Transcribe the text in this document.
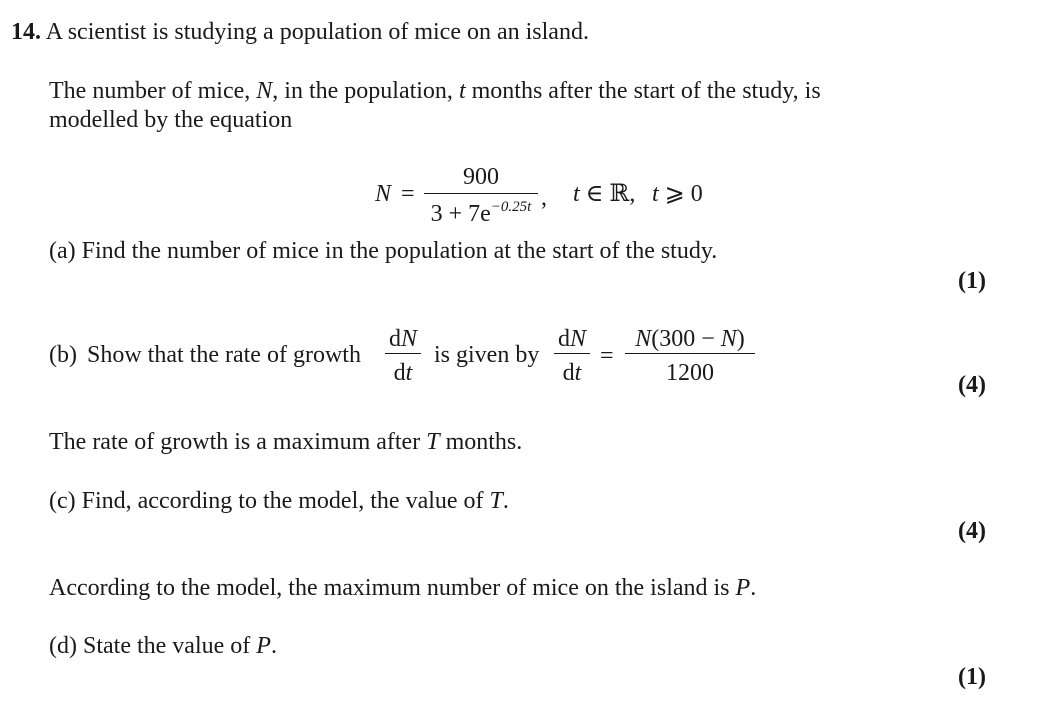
14. A scientist is studying a population of mice on an island.
The number of mice, N, in the population, t months after the start of the study, is
modelled by the equation
N =
900
$3 + 7e^{-0.25t}$ , t ∈ ℝ, t ⩾ 0
(a) Find the number of mice in the population at the start of the study.
(1)
(b) Show that the rate of growth
dN
dt
is given by
dN
dt
=
N(300 − N)
1200	(4)
The rate of growth is a maximum after T months.
(c) Find, according to the model, the value of T.
(4)
According to the model, the maximum number of mice on the island is P.
(d) State the value of P.
(1)
